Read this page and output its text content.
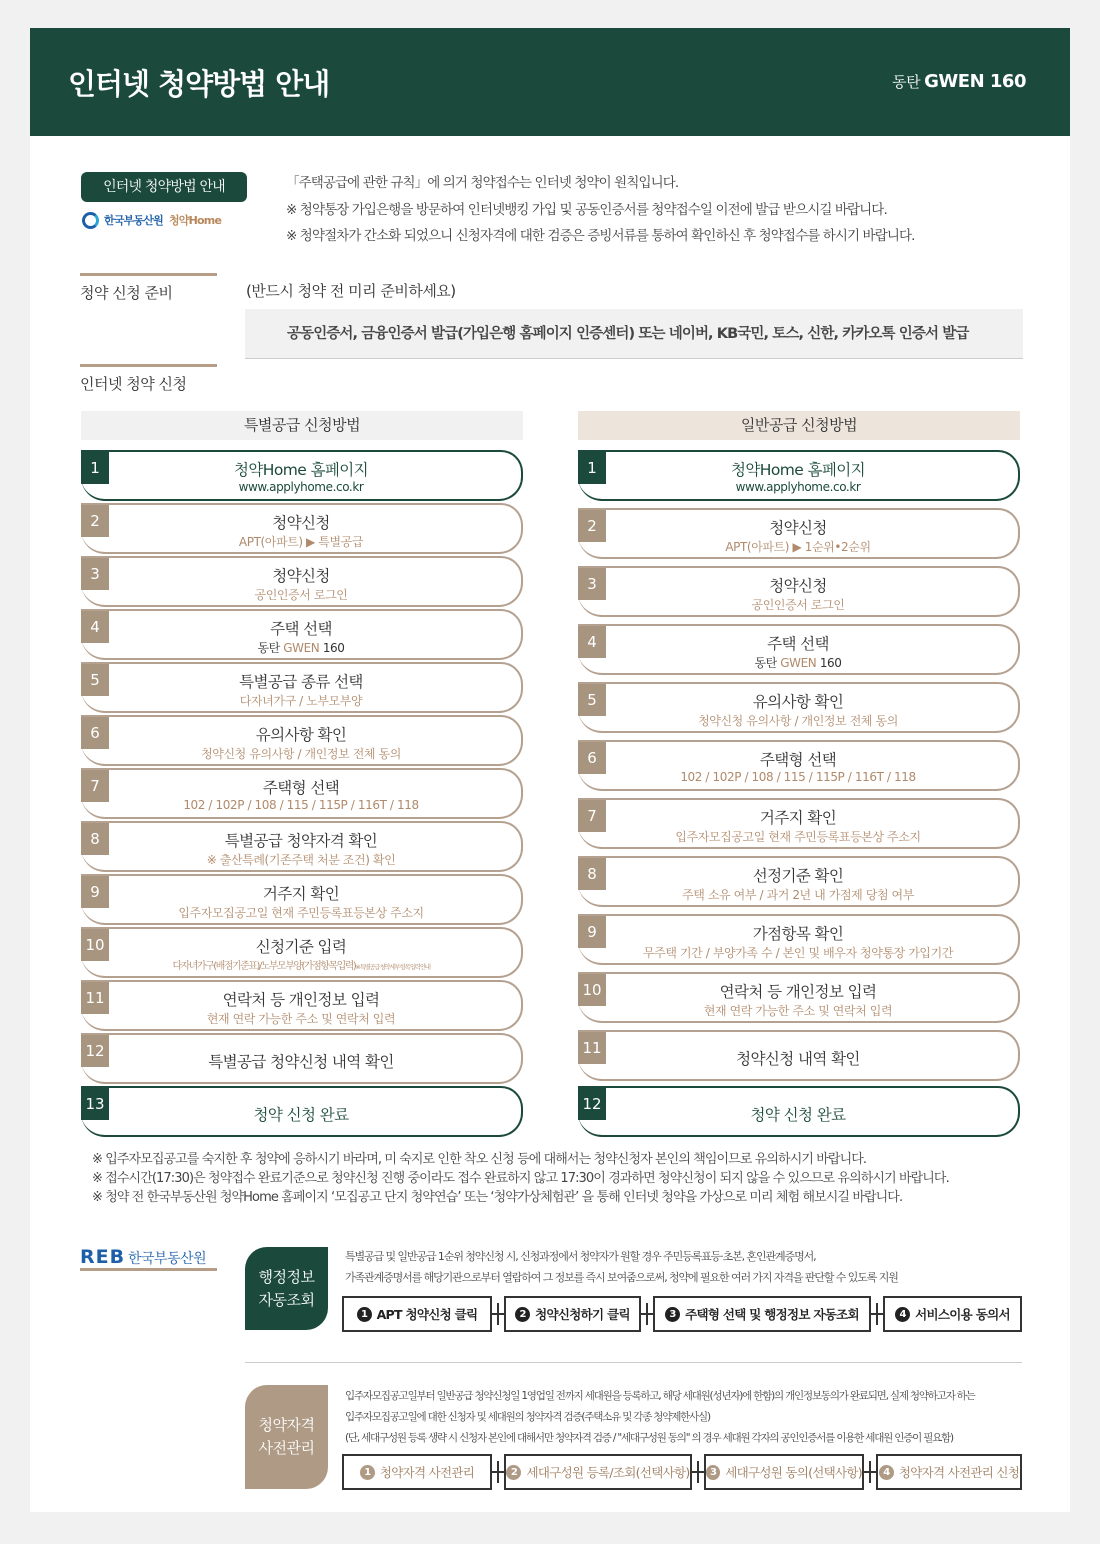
인터넷 청약방법 안내	동탄 GWEN 160
인터넷 청약방법 안내
한국부동산원 청약Home

「주택공급에 관한 규칙」에 의거 청약접수는 인터넷 청약이 원칙입니다.

※ 청약통장 가입은행을 방문하여 인터넷뱅킹 가입 및 공동인증서를 청약접수일 이전에 발급 받으시길 바랍니다.

※ 청약절차가 간소화 되었으니 신청자격에 대한 검증은 증빙서류를 통하여 확인하신 후 청약접수를 하시기 바랍니다.

청약 신청 준비	(반드시 청약 전 미리 준비하세요)
공동인증서, 금융인증서 발급(가입은행 홈페이지 인증센터) 또는 네이버, KB국민, 토스, 신한, 카카오톡 인증서 발급
인터넷 청약 신청
특별공급 신청방법	일반공급 신청방법
1	청약Home 홈페이지
www.applyhome.co.kr
2	청약신청
APT(아파트) ▶ 특별공급
3	청약신청
공인인증서 로그인
4	주택 선택
동탄 GWEN 160
5	특별공급 종류 선택
다자녀가구 / 노부모부양
6	유의사항 확인
청약신청 유의사항 / 개인정보 전체 동의
7	주택형 선택
102 / 102P / 108 / 115 / 115P / 116T / 118
8	특별공급 청약자격 확인
※ 출산특례(기존주택 처분 조건) 확인
9	거주지 확인
입주자모집공고일 현재 주민등록표등본상 주소지
10	신청기준 입력
다자녀가구(배점기준표)/노부모부양(가점항목입력)※ 특별공급 청약 세부 항목 입력 안내
11	연락처 등 개인정보 입력
현재 연락 가능한 주소 및 연락처 입력
12
특별공급 청약신청 내역 확인
13
청약 신청 완료
1	청약Home 홈페이지
www.applyhome.co.kr
2	청약신청
APT(아파트) ▶ 1순위•2순위
3	청약신청
공인인증서 로그인
4	주택 선택
동탄 GWEN 160
5	유의사항 확인
청약신청 유의사항 / 개인정보 전체 동의
6	주택형 선택
102 / 102P / 108 / 115 / 115P / 116T / 118
7	거주지 확인
입주자모집공고일 현재 주민등록표등본상 주소지
8	선정기준 확인
주택 소유 여부 / 과거 2년 내 가점제 당첨 여부
9	가점항목 확인
무주택 기간 / 부양가족 수 / 본인 및 배우자 청약통장 가입기간
10	연락처 등 개인정보 입력
현재 연락 가능한 주소 및 연락처 입력
11
청약신청 내역 확인
12
청약 신청 완료

※ 입주자모집공고를 숙지한 후 청약에 응하시기 바라며, 미 숙지로 인한 착오 신청 등에 대해서는 청약신청자 본인의 책임이므로 유의하시기 바랍니다.

※ 접수시간(17:30)은 청약접수 완료기준으로 청약신청 진행 중이라도 접수 완료하지 않고 17:30이 경과하면 청약신청이 되지 않을 수 있으므로 유의하시기 바랍니다.

※ 청약 전 한국부동산원 청약Home 홈페이지 ‘모집공고 단지 청약연습’ 또는 ‘청약가상체험관’ 을 통해 인터넷 청약을 가상으로 미리 체험 해보시길 바랍니다.

REB 한국부동산원
행정정보
자동조회
특별공급 및 일반공급 1순위 청약신청 시, 신청과정에서 청약자가 원할 경우 주민등록표등·초본, 혼인관계증명서,
가족관계증명서를 해당기관으로부터 열람하여 그 정보를 즉시 보여줌으로써, 청약에 필요한 여러 가지 자격을 판단할 수 있도록 지원
1 APT 청약신청 클릭	2 청약신청하기 클릭	3 주택형 선택 및 행정정보 자동조회	4 서비스이용 동의서
청약자격
사전관리
입주자모집공고일부터 일반공급 청약신청일 1영업일 전까지 세대원을 등록하고, 해당 세대원(성년자)에 한함)의 개인정보동의가 완료되면, 실제 청약하고자 하는
입주자모집공고일에 대한 신청자 및 세대원의 청약자격 검증(주택소유 및 각종 청약제한사실)
(단, 세대구성원 등록 생략 시 신청자 본인에 대해서만 청약자격 검증 / "세대구성원 동의" 의 경우 세대원 각자의 공인인증서를 이용한 세대원 인증이 필요함)
1 청약자격 사전관리	2 세대구성원 등록/조회(선택사항)	3 세대구성원 동의(선택사항)	4 청약자격 사전관리 신청
